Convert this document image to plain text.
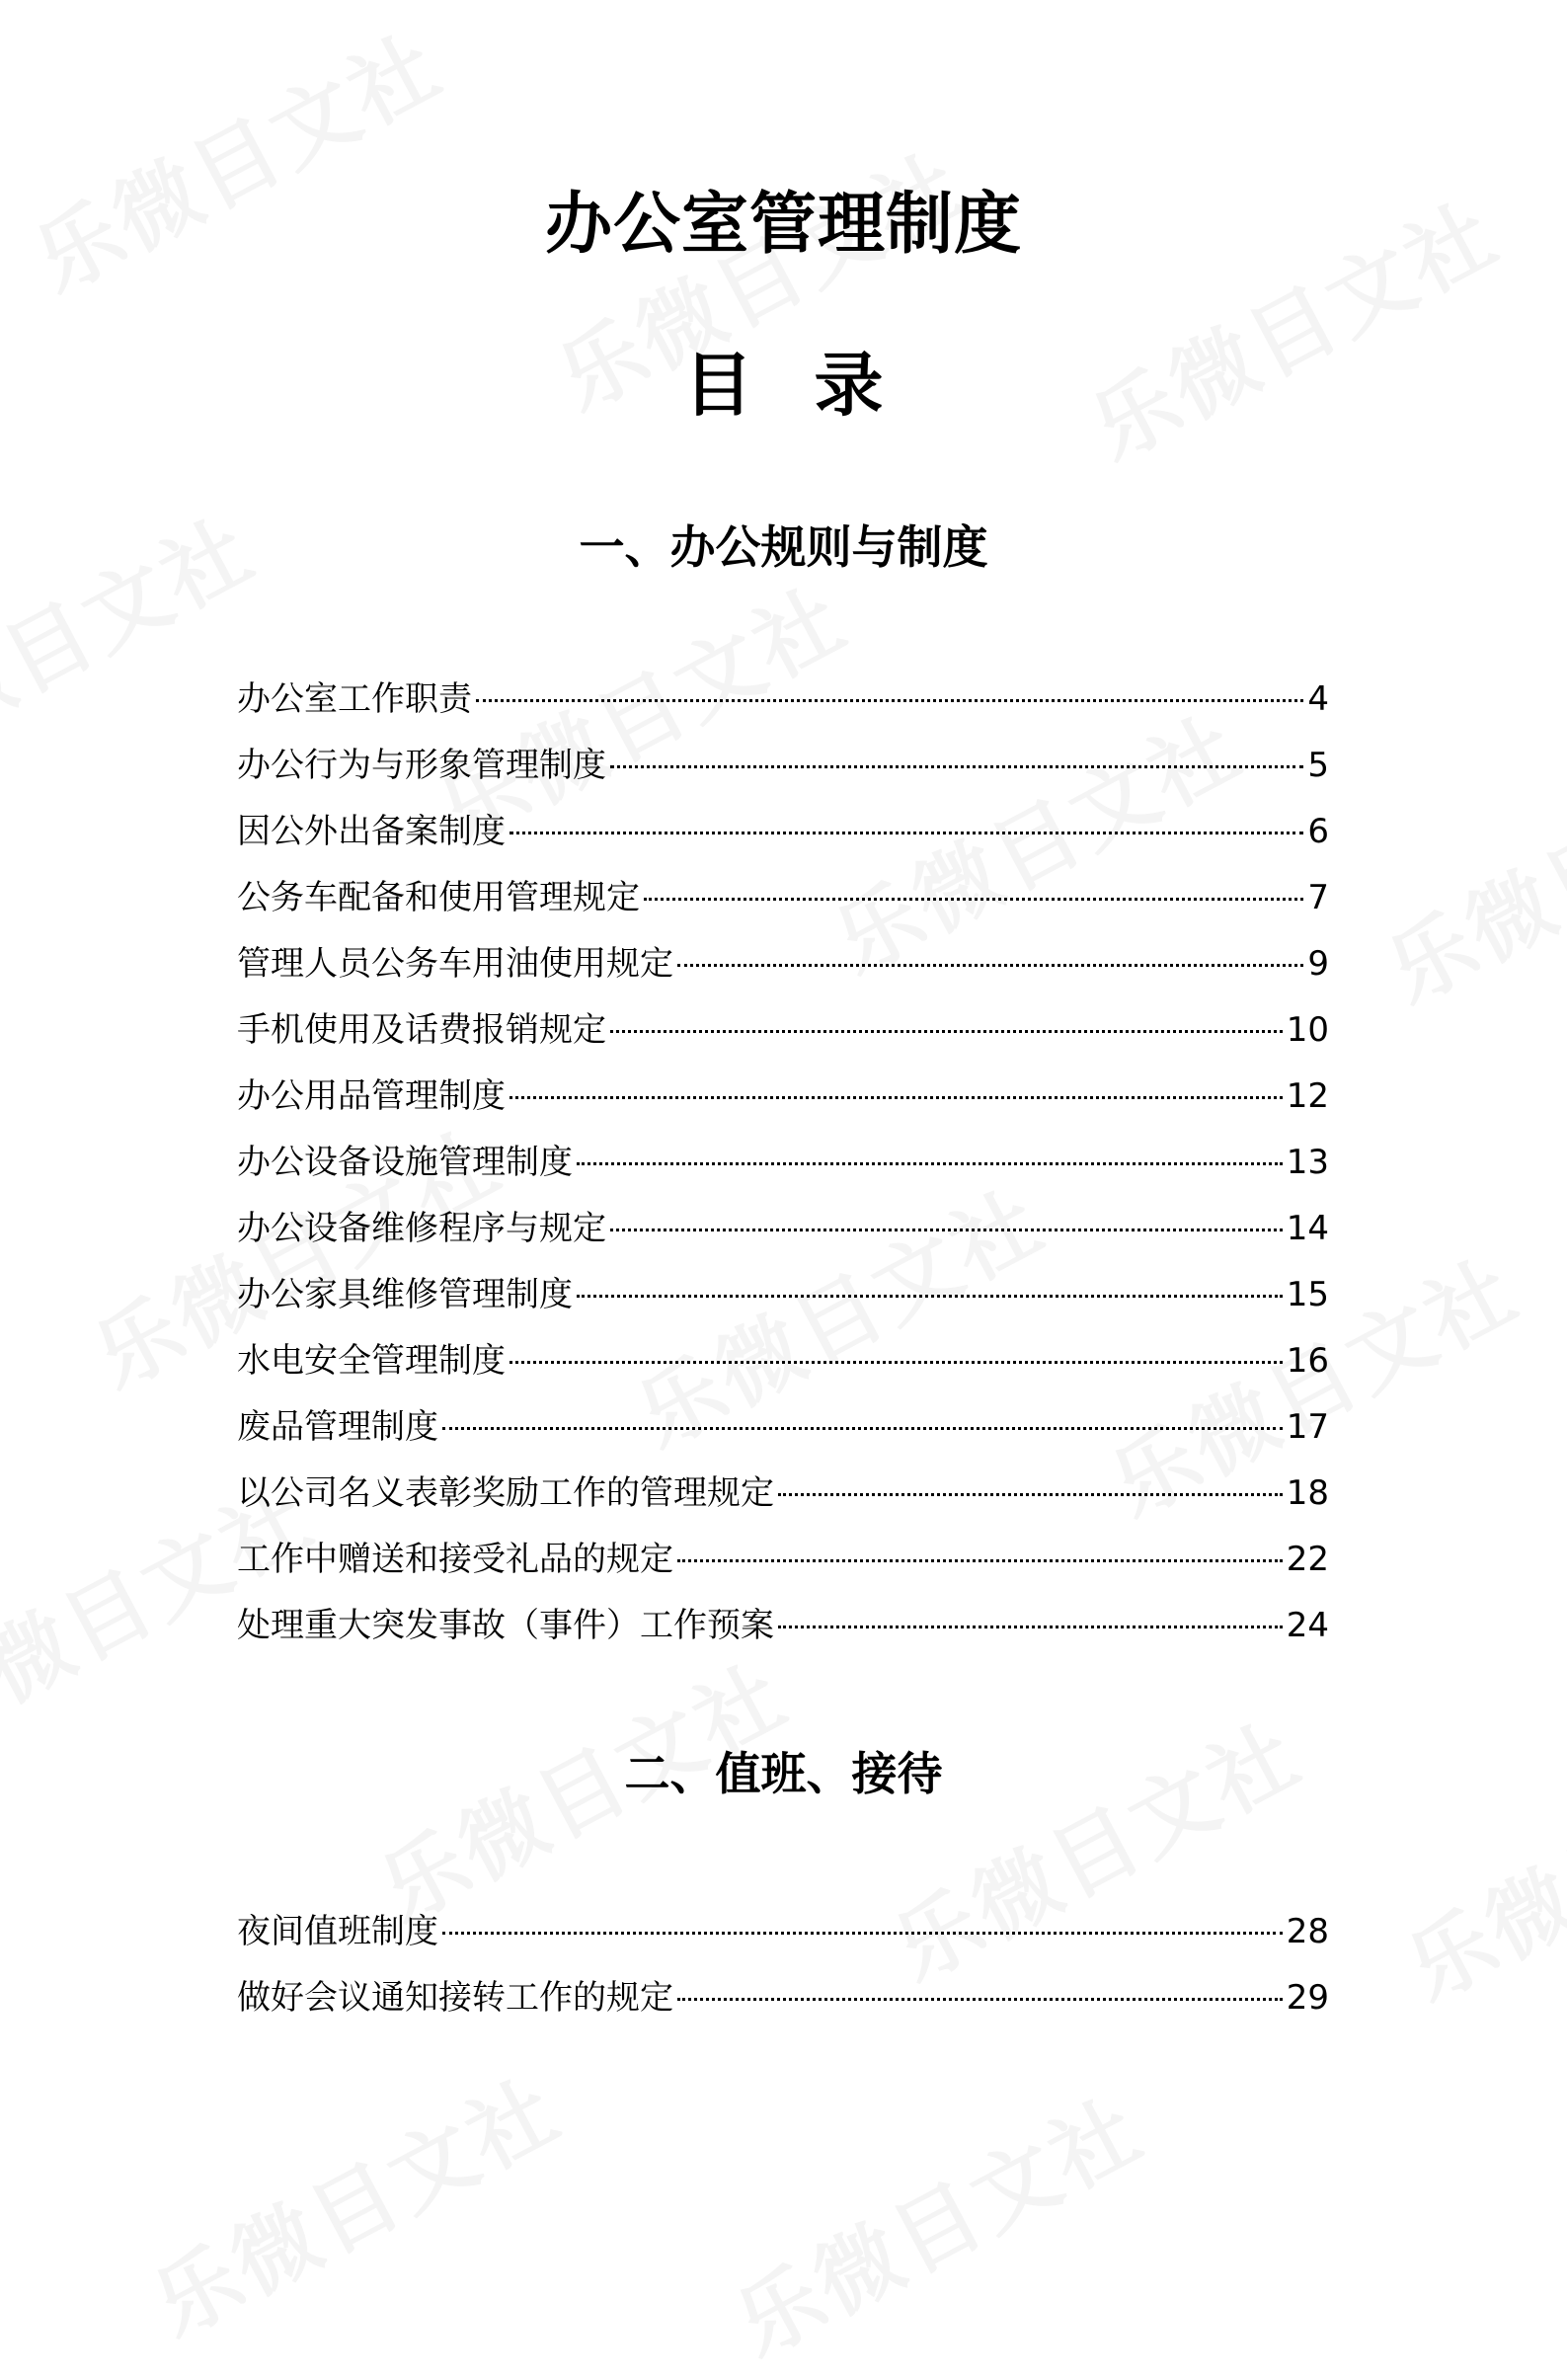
办公室管理制度
目录
一、办公规则与制度
办公室工作职责	4
办公行为与形象管理制度	5
因公外出备案制度	6
公务车配备和使用管理规定	7
管理人员公务车用油使用规定	9
手机使用及话费报销规定	10
办公用品管理制度	12
办公设备设施管理制度	13
办公设备维修程序与规定	14
办公家具维修管理制度	15
水电安全管理制度	16
废品管理制度	17
以公司名义表彰奖励工作的管理规定	18
工作中赠送和接受礼品的规定	22
处理重大突发事故（事件）工作预案	24
二、值班、接待
夜间值班制度	28
做好会议通知接转工作的规定	29
